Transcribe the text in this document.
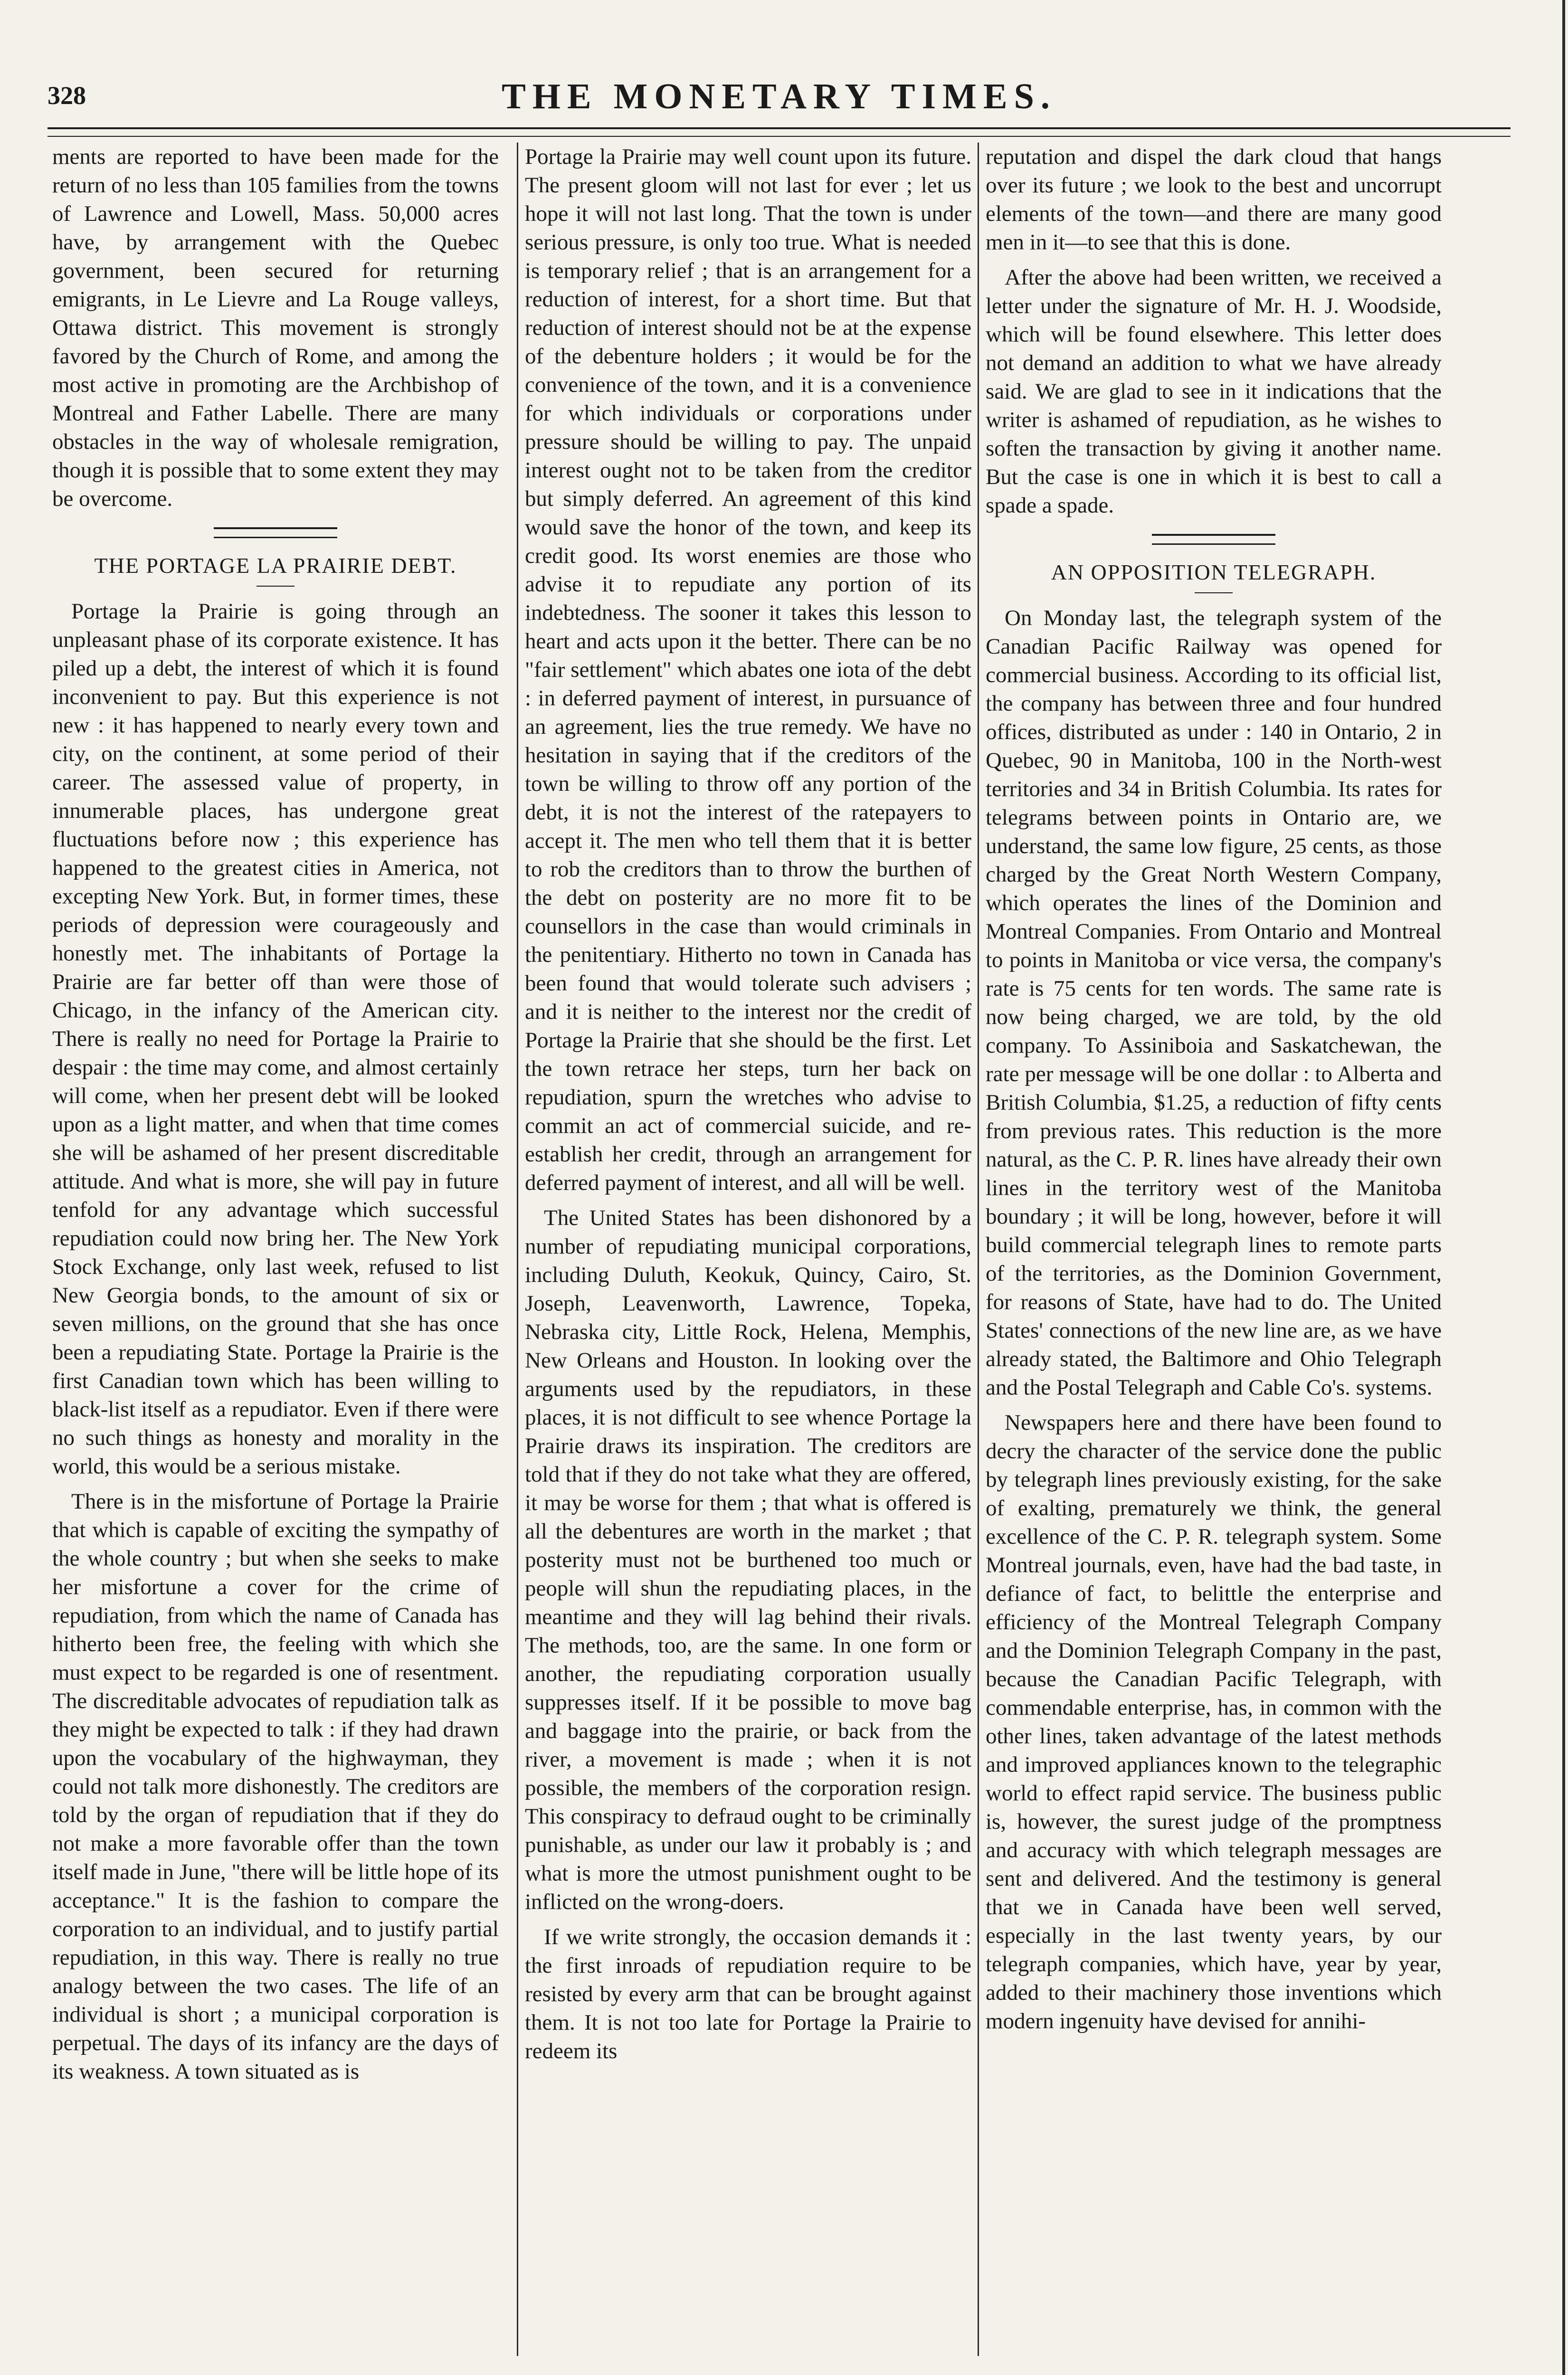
328	THE MONETARY TIMES.

ments are reported to have been made for the return of no less than 105 families from the towns of Lawrence and Lowell, Mass. 50,000 acres have, by arrangement with the Quebec government, been secured for returning emigrants, in Le Lievre and La Rouge valleys, Ottawa district. This movement is strongly favored by the Church of Rome, and among the most active in promoting are the Archbishop of Montreal and Father Labelle. There are many obstacles in the way of wholesale remigration, though it is possible that to some extent they may be overcome.

THE PORTAGE LA PRAIRIE DEBT.

Portage la Prairie is going through an unpleasant phase of its corporate existence. It has piled up a debt, the interest of which it is found inconvenient to pay. But this experience is not new : it has happened to nearly every town and city, on the continent, at some period of their career. The assessed value of property, in innumerable places, has undergone great fluctuations before now ; this experience has happened to the greatest cities in America, not excepting New York. But, in former times, these periods of depression were courageously and honestly met. The inhabitants of Portage la Prairie are far better off than were those of Chicago, in the infancy of the American city. There is really no need for Portage la Prairie to despair : the time may come, and almost certainly will come, when her present debt will be looked upon as a light matter, and when that time comes she will be ashamed of her present discreditable attitude. And what is more, she will pay in future tenfold for any advantage which successful repudiation could now bring her. The New York Stock Exchange, only last week, refused to list New Georgia bonds, to the amount of six or seven millions, on the ground that she has once been a repudiating State. Portage la Prairie is the first Canadian town which has been willing to black-list itself as a repudiator. Even if there were no such things as honesty and morality in the world, this would be a serious mistake.

There is in the misfortune of Portage la Prairie that which is capable of exciting the sympathy of the whole country ; but when she seeks to make her misfortune a cover for the crime of repudiation, from which the name of Canada has hitherto been free, the feeling with which she must expect to be regarded is one of resentment. The discreditable advocates of repudiation talk as they might be expected to talk : if they had drawn upon the vocabulary of the highwayman, they could not talk more dishonestly. The creditors are told by the organ of repudiation that if they do not make a more favorable offer than the town itself made in June, "there will be little hope of its acceptance." It is the fashion to compare the corporation to an individual, and to justify partial repudiation, in this way. There is really no true analogy between the two cases. The life of an individual is short ; a municipal corporation is perpetual. The days of its infancy are the days of its weakness. A town situated as is

Portage la Prairie may well count upon its future. The present gloom will not last for ever ; let us hope it will not last long. That the town is under serious pressure, is only too true. What is needed is temporary relief ; that is an arrangement for a reduction of interest, for a short time. But that reduction of interest should not be at the expense of the debenture holders ; it would be for the convenience of the town, and it is a convenience for which individuals or corporations under pressure should be willing to pay. The unpaid interest ought not to be taken from the creditor but simply deferred. An agreement of this kind would save the honor of the town, and keep its credit good. Its worst enemies are those who advise it to repudiate any portion of its indebtedness. The sooner it takes this lesson to heart and acts upon it the better. There can be no "fair settlement" which abates one iota of the debt : in deferred payment of interest, in pursuance of an agreement, lies the true remedy. We have no hesitation in saying that if the creditors of the town be willing to throw off any portion of the debt, it is not the interest of the ratepayers to accept it. The men who tell them that it is better to rob the creditors than to throw the burthen of the debt on posterity are no more fit to be counsellors in the case than would criminals in the penitentiary. Hitherto no town in Canada has been found that would tolerate such advisers ; and it is neither to the interest nor the credit of Portage la Prairie that she should be the first. Let the town retrace her steps, turn her back on repudiation, spurn the wretches who advise to commit an act of commercial suicide, and re-establish her credit, through an arrangement for deferred payment of interest, and all will be well.

The United States has been dishonored by a number of repudiating municipal corporations, including Duluth, Keokuk, Quincy, Cairo, St. Joseph, Leavenworth, Lawrence, Topeka, Nebraska city, Little Rock, Helena, Memphis, New Orleans and Houston. In looking over the arguments used by the repudiators, in these places, it is not difficult to see whence Portage la Prairie draws its inspiration. The creditors are told that if they do not take what they are offered, it may be worse for them ; that what is offered is all the debentures are worth in the market ; that posterity must not be burthened too much or people will shun the repudiating places, in the meantime and they will lag behind their rivals. The methods, too, are the same. In one form or another, the repudiating corporation usually suppresses itself. If it be possible to move bag and baggage into the prairie, or back from the river, a movement is made ; when it is not possible, the members of the corporation resign. This conspiracy to defraud ought to be criminally punishable, as under our law it probably is ; and what is more the utmost punishment ought to be inflicted on the wrong-doers.

If we write strongly, the occasion demands it : the first inroads of repudiation require to be resisted by every arm that can be brought against them. It is not too late for Portage la Prairie to redeem its

reputation and dispel the dark cloud that hangs over its future ; we look to the best and uncorrupt elements of the town—and there are many good men in it—to see that this is done.

After the above had been written, we received a letter under the signature of Mr. H. J. Woodside, which will be found elsewhere. This letter does not demand an addition to what we have already said. We are glad to see in it indications that the writer is ashamed of repudiation, as he wishes to soften the transaction by giving it another name. But the case is one in which it is best to call a spade a spade.

AN OPPOSITION TELEGRAPH.

On Monday last, the telegraph system of the Canadian Pacific Railway was opened for commercial business. According to its official list, the company has between three and four hundred offices, distributed as under : 140 in Ontario, 2 in Quebec, 90 in Manitoba, 100 in the North-west territories and 34 in British Columbia. Its rates for telegrams between points in Ontario are, we understand, the same low figure, 25 cents, as those charged by the Great North Western Company, which operates the lines of the Dominion and Montreal Companies. From Ontario and Montreal to points in Manitoba or vice versa, the company's rate is 75 cents for ten words. The same rate is now being charged, we are told, by the old company. To Assiniboia and Saskatchewan, the rate per message will be one dollar : to Alberta and British Columbia, $1.25, a reduction of fifty cents from previous rates. This reduction is the more natural, as the C. P. R. lines have already their own lines in the territory west of the Manitoba boundary ; it will be long, however, before it will build commercial telegraph lines to remote parts of the territories, as the Dominion Government, for reasons of State, have had to do. The United States' connections of the new line are, as we have already stated, the Baltimore and Ohio Telegraph and the Postal Telegraph and Cable Co's. systems.

Newspapers here and there have been found to decry the character of the service done the public by telegraph lines previously existing, for the sake of exalting, prematurely we think, the general excellence of the C. P. R. telegraph system. Some Montreal journals, even, have had the bad taste, in defiance of fact, to belittle the enterprise and efficiency of the Montreal Telegraph Company and the Dominion Telegraph Company in the past, because the Canadian Pacific Telegraph, with commendable enterprise, has, in common with the other lines, taken advantage of the latest methods and improved appliances known to the telegraphic world to effect rapid service. The business public is, however, the surest judge of the promptness and accuracy with which telegraph messages are sent and delivered. And the testimony is general that we in Canada have been well served, especially in the last twenty years, by our telegraph companies, which have, year by year, added to their machinery those inventions which modern ingenuity have devised for annihi-
